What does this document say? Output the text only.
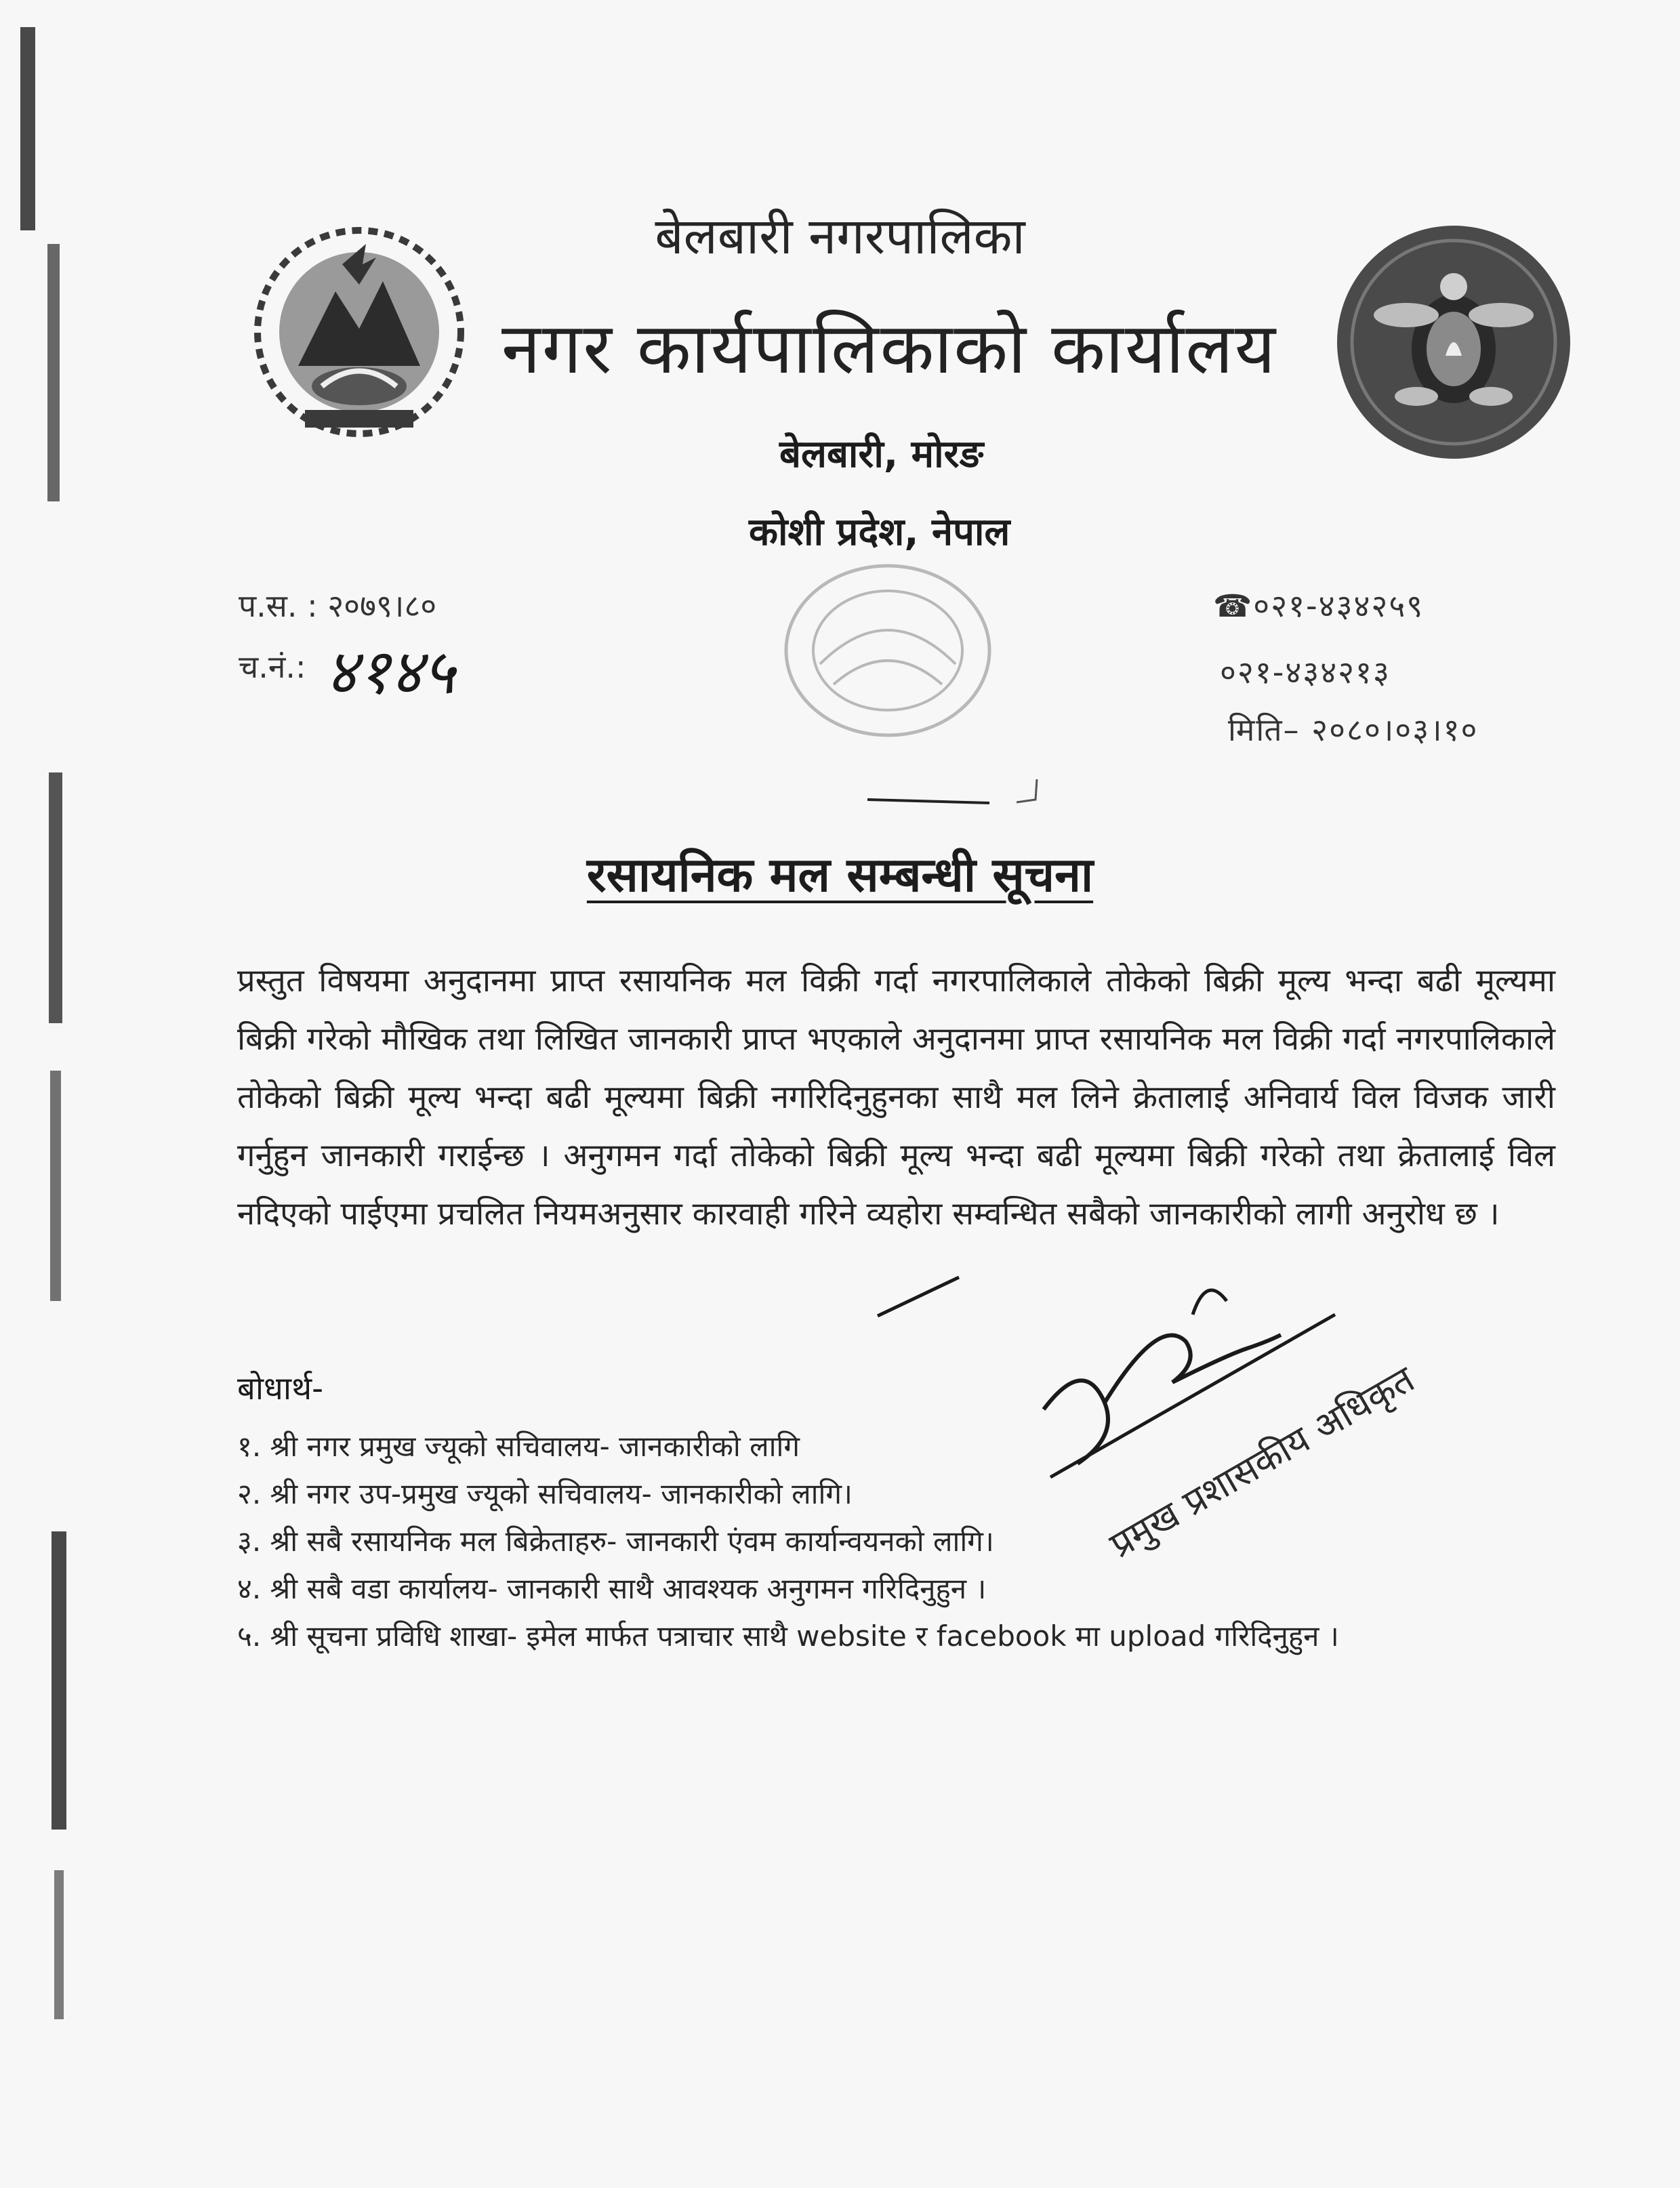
बेलबारी नगरपालिका

नगर कार्यपालिकाको कार्यालय

बेलबारी, मोरङ

कोशी प्रदेश, नेपाल

प.स. : २०७९।८०

च.नं.: ४१४५

☎०२१-४३४२५९

०२१-४३४२१३

मिति– २०८०।०३।१०

रसायनिक मल सम्बन्धी सूचना

प्रस्तुत विषयमा अनुदानमा प्राप्त रसायनिक मल विक्री गर्दा नगरपालिकाले तोकेको बिक्री मूल्य भन्दा बढी मूल्यमा बिक्री गरेको मौखिक तथा लिखित जानकारी प्राप्त भएकाले अनुदानमा प्राप्त रसायनिक मल विक्री गर्दा नगरपालिकाले तोकेको बिक्री मूल्य भन्दा बढी मूल्यमा बिक्री नगरिदिनुहुनका साथै मल लिने क्रेतालाई अनिवार्य विल विजक जारी गर्नुहुन जानकारी गराईन्छ । अनुगमन गर्दा तोकेको बिक्री मूल्य भन्दा बढी मूल्यमा बिक्री गरेको तथा क्रेतालाई विल नदिएको पाईएमा प्रचलित नियमअनुसार कारवाही गरिने व्यहोरा सम्वन्धित सबैको जानकारीको लागी अनुरोध छ ।

बोधार्थ-

१. श्री नगर प्रमुख ज्यूको सचिवालय- जानकारीको लागि
२. श्री नगर उप-प्रमुख ज्यूको सचिवालय- जानकारीको लागि।
३. श्री सबै रसायनिक मल बिक्रेताहरु- जानकारी एंवम कार्यान्वयनको लागि।
४. श्री सबै वडा कार्यालय- जानकारी साथै आवश्यक अनुगमन गरिदिनुहुन ।
५. श्री सूचना प्रविधि शाखा- इमेल मार्फत पत्राचार साथै website र facebook मा upload गरिदिनुहुन ।

प्रमुख प्रशासकीय अधिकृत
